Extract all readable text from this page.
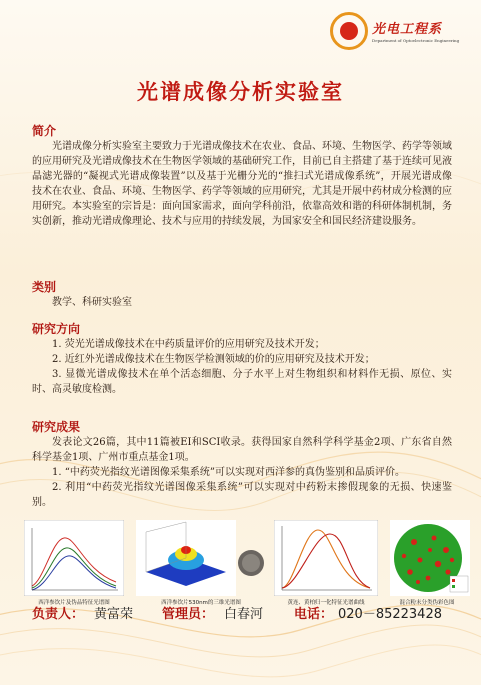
光电工程系
Department of Optoelectronic Engineering
光谱成像分析实验室

简介

光谱成像分析实验室主要致力于光谱成像技术在农业、食品、环境、生物医学、药学等领域的应用研究及光谱成像技术在生物医学领域的基础研究工作，目前已自主搭建了基于连续可见液晶滤光器的“凝视式光谱成像装置”以及基于光栅分光的“推扫式光谱成像系统”，开展光谱成像技术在农业、食品、环境、生物医学、药学等领域的应用研究，尤其是开展中药材成分检测的应用研究。本实验室的宗旨是：面向国家需求，面向学科前沿，依靠高效和谐的科研体制机制，务实创新，推动光谱成像理论、技术与应用的持续发展，为国家安全和国民经济建设服务。

类别

教学、科研实验室

研究方向

1. 荧光光谱成像技术在中药质量评价的应用研究及技术开发；

2. 近红外光谱成像技术在生物医学检测领域的价的应用研究及技术开发；

3. 显微光谱成像技术在单个活态细胞、分子水平上对生物组织和材料作无损、原位、实时、高灵敏度检测。

研究成果

发表论文26篇，其中11篇被EI和SCI收录。获得国家自然科学科学基金2项、广东省自然科学基金1项、广州市重点基金1项。

1. “中药荧光指纹光谱图像采集系统”可以实现对西洋参的真伪鉴别和品质评价。

2. 利用“中药荧光指纹光谱图像采集系统”可以实现对中药粉末掺假现象的无损、快速鉴别。

西洋参饮片及伪品特征光谱图	西洋参饮片530nm的三维光谱图	黄连、黄柏归一化特征光谱曲线	混合粉末分类伪彩色图
负责人： 黄富荣 管理员： 白春河 电话： 020－85223428
